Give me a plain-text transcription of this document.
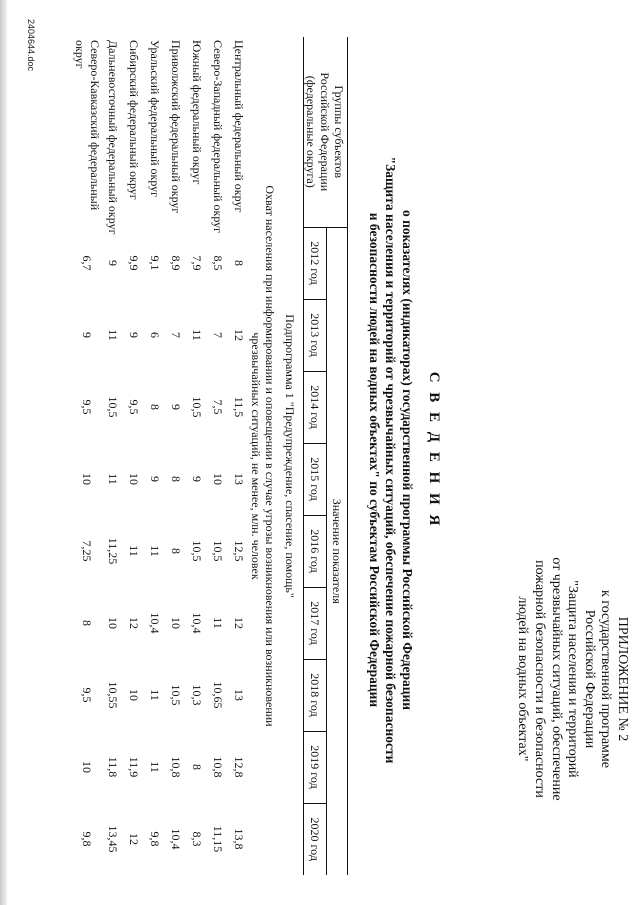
ПРИЛОЖЕНИЕ № 2
к государственной программе
Российской Федерации
"Защита населения и территорий
от чрезвычайных ситуаций, обеспечение
пожарной безопасности и безопасности
людей на водных объектах"
С В Е Д Е Н И Я
о показателях (индикаторах) государственной программы Российской Федерации
"Защита населения и территорий от чрезвычайных ситуаций, обеспечение пожарной безопасности
и безопасности людей на водных объектах" по субъектам Российской Федерации
Группы субъектов
Российской Федерации
(федеральные округа)	Значение показателя								
	2012 год	2013 год	2014 год	2015 год	2016 год	2017 год	2018 год	2019 год	2020 год
Подпрограмма 1 "Предупреждение, спасение, помощь"									

Охват населения при информировании и оповещении в случае угрозы возникновения или возникновении
чрезвычайных ситуаций, не менее, млн. человек									

Центральный федеральный округ	8	12	11,5	13	12,5	12	13	12,8	13,8

Северо-Западный федеральный округ	8,5	7	7,5	10	10,5	11	10,65	10,8	11,15

Южный федеральный округ	7,9	11	10,5	9	10,5	10,4	10,3	8	8,3

Приволжский федеральный округ	8,9	7	9	8	8	10	10,5	10,8	10,4

Уральский федеральный округ	9,1	6	8	9	11	10,4	11	11	9,8

Сибирский федеральный округ	9,9	9	9,5	10	11	12	10	11,9	12

Дальневосточный федеральный округ	9	11	10,5	11	11,25	10	10,55	11,8	13,45

Северо-Кавказский федеральный
округ	6,7	9	9,5	10	7,25	8	9,5	10	9,8
2404644.doc
